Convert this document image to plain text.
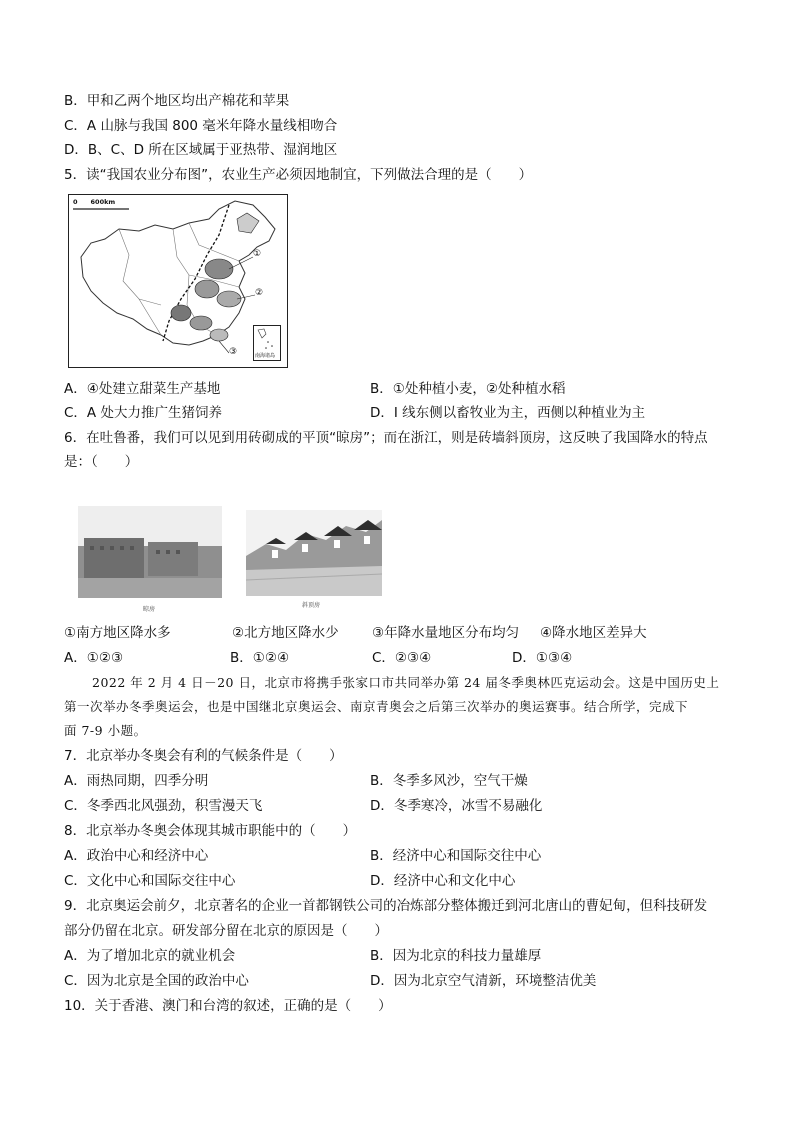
B．甲和乙两个地区均出产棉花和苹果
C．A 山脉与我国 800 毫米年降水量线相吻合
D．B、C、D 所在区域属于亚热带、湿润地区
5．读“我国农业分布图”，农业生产必须因地制宜，下列做法合理的是（　　）
0　　600km
①
②
③	南海诸岛
A．④处建立甜菜生产基地	B．①处种植小麦，②处种植水稻
C．A 处大力推广生猪饲养	D．I 线东侧以畜牧业为主，西侧以种植业为主
6．在吐鲁番，我们可以见到用砖砌成的平顶“晾房”；而在浙江，则是砖墙斜顶房，这反映了我国降水的特点
是：（　　）
晾房
斜顶房
①南方地区降水多	②北方地区降水少 ③年降水量地区分布均匀 ④降水地区差异大
A．①②③	B．①②④	C．②③④	D．①③④
2022 年 2 月 4 日－20 日，北京市将携手张家口市共同举办第 24 届冬季奥林匹克运动会。这是中国历史上
第一次举办冬季奥运会，也是中国继北京奥运会、南京青奥会之后第三次举办的奥运赛事。结合所学，完成下
面 7-9 小题。
7．北京举办冬奥会有利的气候条件是（　　）
A．雨热同期，四季分明	B．冬季多风沙，空气干燥
C．冬季西北风强劲，积雪漫天飞	D．冬季寒冷，冰雪不易融化
8．北京举办冬奥会体现其城市职能中的（　　）
A．政治中心和经济中心	B．经济中心和国际交往中心
C．文化中心和国际交往中心	D．经济中心和文化中心
9．北京奥运会前夕，北京著名的企业一首都钢铁公司的冶炼部分整体搬迁到河北唐山的曹妃甸，但科技研发
部分仍留在北京。研发部分留在北京的原因是（　　）
A．为了增加北京的就业机会	B．因为北京的科技力量雄厚
C．因为北京是全国的政治中心	D．因为北京空气清新，环境整洁优美
10．关于香港、澳门和台湾的叙述，正确的是（　　）
